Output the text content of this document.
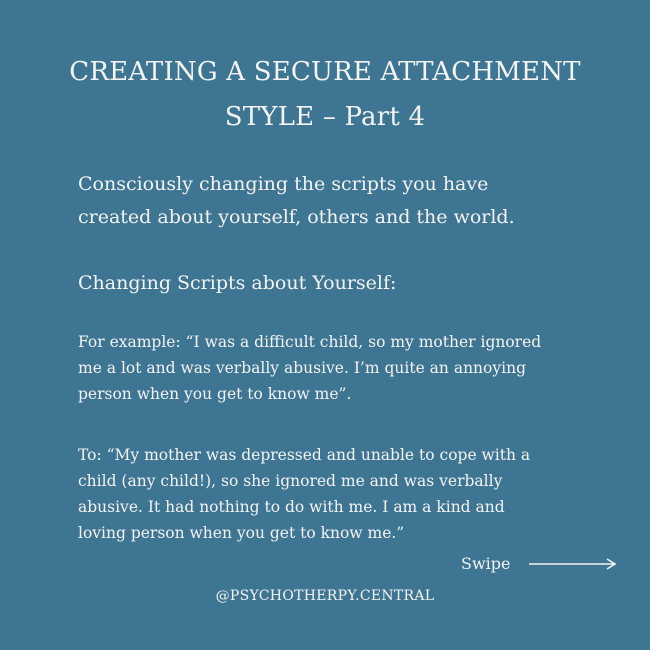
CREATING A SECURE ATTACHMENT
STYLE – Part 4
Consciously changing the scripts you have
created about yourself, others and the world.
Changing Scripts about Yourself:
For example: “I was a difficult child, so my mother ignored
me a lot and was verbally abusive. I’m quite an annoying
person when you get to know me”.
To: “My mother was depressed and unable to cope with a
child (any child!), so she ignored me and was verbally
abusive. It had nothing to do with me. I am a kind and
loving person when you get to know me.”
Swipe
@PSYCHOTHERPY.CENTRAL
